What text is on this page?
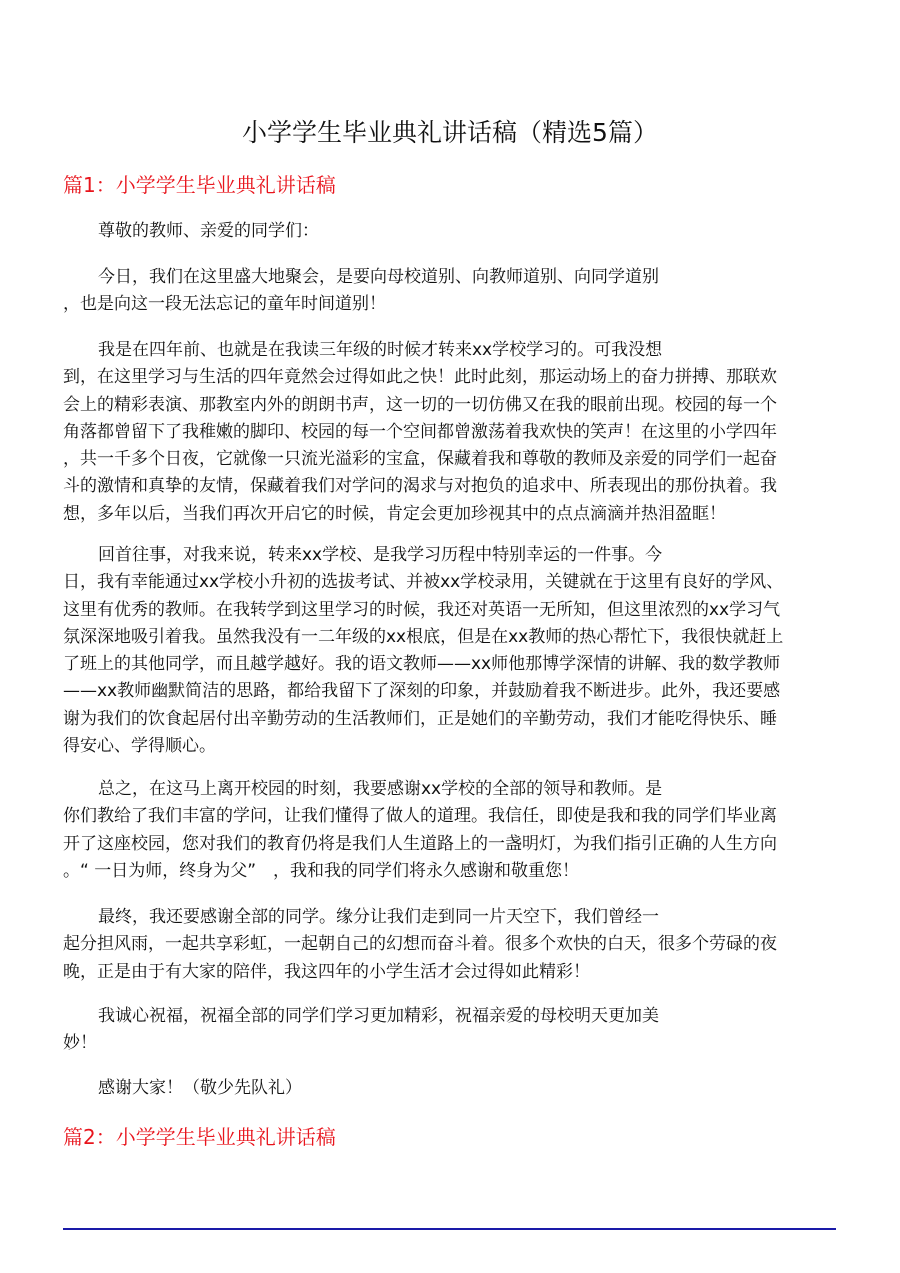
小学学生毕业典礼讲话稿（精选5篇）
篇1：小学学生毕业典礼讲话稿
尊敬的教师、亲爱的同学们：
今日，我们在这里盛大地聚会，是要向母校道别、向教师道别、向同学道别
，也是向这一段无法忘记的童年时间道别！
我是在四年前、也就是在我读三年级的时候才转来xx学校学习的。可我没想
到，在这里学习与生活的四年竟然会过得如此之快！此时此刻，那运动场上的奋力拼搏、那联欢
会上的精彩表演、那教室内外的朗朗书声，这一切的一切仿佛又在我的眼前出现。校园的每一个
角落都曾留下了我稚嫩的脚印、校园的每一个空间都曾激荡着我欢快的笑声！在这里的小学四年
，共一千多个日夜，它就像一只流光溢彩的宝盒，保藏着我和尊敬的教师及亲爱的同学们一起奋
斗的激情和真挚的友情，保藏着我们对学问的渴求与对抱负的追求中、所表现出的那份执着。我
想，多年以后，当我们再次开启它的时候，肯定会更加珍视其中的点点滴滴并热泪盈眶！
回首往事，对我来说，转来xx学校、是我学习历程中特别幸运的一件事。今
日，我有幸能通过xx学校小升初的选拔考试、并被xx学校录用，关键就在于这里有良好的学风、
这里有优秀的教师。在我转学到这里学习的时候，我还对英语一无所知，但这里浓烈的xx学习气
氛深深地吸引着我。虽然我没有一二年级的xx根底，但是在xx教师的热心帮忙下，我很快就赶上
了班上的其他同学，而且越学越好。我的语文教师——xx师他那博学深情的讲解、我的数学教师
——xx教师幽默简洁的思路，都给我留下了深刻的印象，并鼓励着我不断进步。此外，我还要感
谢为我们的饮食起居付出辛勤劳动的生活教师们，正是她们的辛勤劳动，我们才能吃得快乐、睡
得安心、学得顺心。
总之，在这马上离开校园的时刻，我要感谢xx学校的全部的领导和教师。是
你们教给了我们丰富的学问，让我们懂得了做人的道理。我信任，即使是我和我的同学们毕业离
开了这座校园，您对我们的教育仍将是我们人生道路上的一盏明灯，为我们指引正确的人生方向
。“ 一日为师，终身为父”　，我和我的同学们将永久感谢和敬重您！
最终，我还要感谢全部的同学。缘分让我们走到同一片天空下，我们曾经一
起分担风雨，一起共享彩虹，一起朝自己的幻想而奋斗着。很多个欢快的白天，很多个劳碌的夜
晚，正是由于有大家的陪伴，我这四年的小学生活才会过得如此精彩！
我诚心祝福，祝福全部的同学们学习更加精彩，祝福亲爱的母校明天更加美
妙！
感谢大家！（敬少先队礼）
篇2：小学学生毕业典礼讲话稿
